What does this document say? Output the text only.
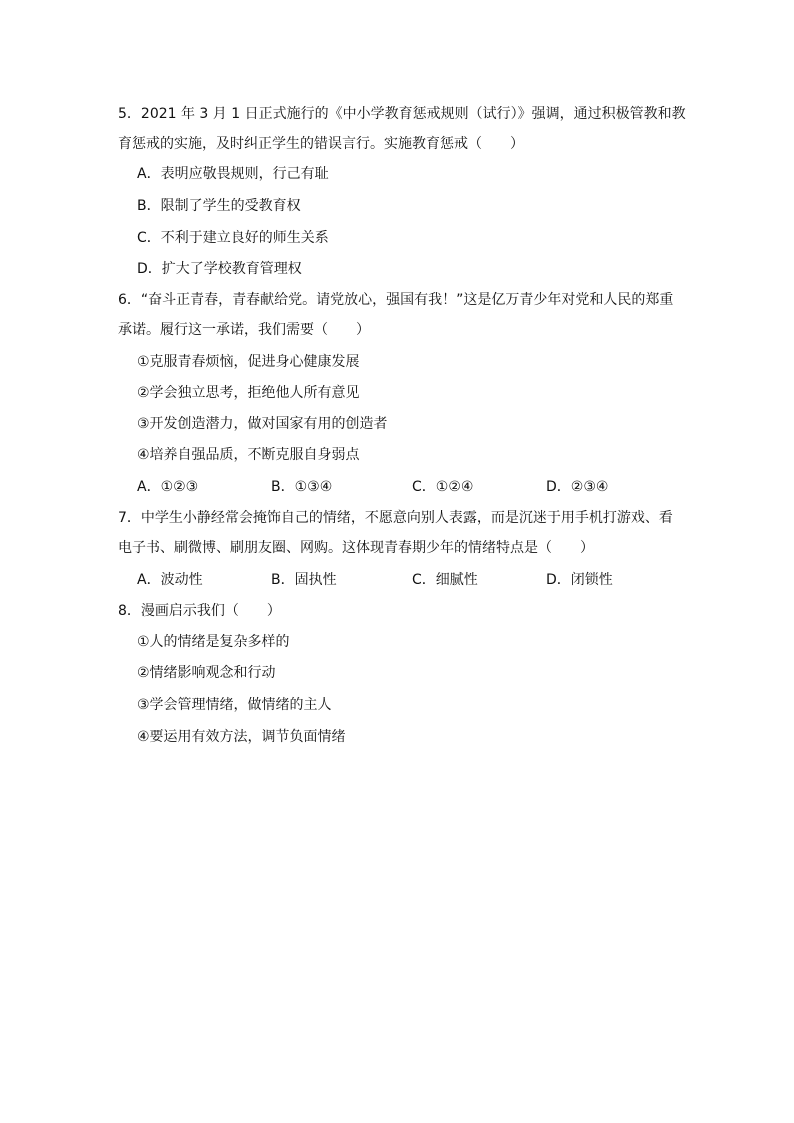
5．2021 年 3 月 1 日正式施行的《中小学教育惩戒规则（试行）》强调，通过积极管教和教
育惩戒的实施，及时纠正学生的错误言行。实施教育惩戒（　　）
A．表明应敬畏规则，行己有耻
B．限制了学生的受教育权
C．不利于建立良好的师生关系
D．扩大了学校教育管理权
6．“奋斗正青春，青春献给党。请党放心，强国有我！”这是亿万青少年对党和人民的郑重
承诺。履行这一承诺，我们需要（　　）
①克服青春烦恼，促进身心健康发展
②学会独立思考，拒绝他人所有意见
③开发创造潜力，做对国家有用的创造者
④培养自强品质，不断克服自身弱点
A．①②③	B．①③④	C．①②④	D．②③④
7．中学生小静经常会掩饰自己的情绪，不愿意向别人表露，而是沉迷于用手机打游戏、看
电子书、刷微博、刷朋友圈、网购。这体现青春期少年的情绪特点是（　　）
A．波动性	B．固执性	C．细腻性	D．闭锁性
8．漫画启示我们（　　）
①人的情绪是复杂多样的
②情绪影响观念和行动
③学会管理情绪，做情绪的主人
④要运用有效方法，调节负面情绪
